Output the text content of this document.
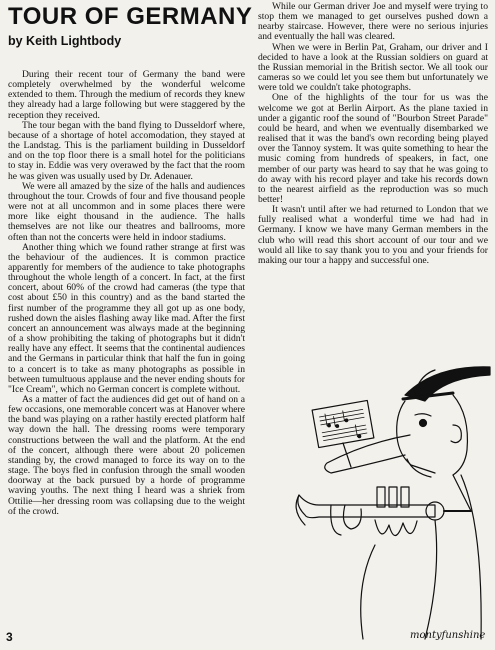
TOUR OF GERMANY
by Keith Lightbody

During their recent tour of Germany the band were completely overwhelmed by the wonderful welcome extended to them. Through the medium of records they knew they already had a large following but were staggered by the reception they received.

The tour began with the band flying to Dusseldorf where, because of a shortage of hotel accomodation, they stayed at the Landstag. This is the parliament building in Dusseldorf and on the top floor there is a small hotel for the politicians to stay in. Eddie was very overawed by the fact that the room he was given was usually used by Dr. Adenauer.

We were all amazed by the size of the halls and audiences throughout the tour. Crowds of four and five thousand people were not at all uncommon and in some places there were more like eight thousand in the audience. The halls themselves are not like our theatres and ballrooms, more often than not the concerts were held in indoor stadiums.

Another thing which we found rather strange at first was the behaviour of the audiences. It is common practice apparently for members of the audience to take photographs throughout the whole length of a concert. In fact, at the first concert, about 60% of the crowd had cameras (the type that cost about £50 in this country) and as the band started the first number of the programme they all got up as one body, rushed down the aisles flashing away like mad. After the first concert an announcement was always made at the beginning of a show prohibiting the taking of photographs but it didn't really have any effect. It seems that the continental audiences and the Germans in particular think that half the fun in going to a concert is to take as many photographs as possible in between tumultuous applause and the never ending shouts for "Ice Cream", which no German concert is complete without.

As a matter of fact the audiences did get out of hand on a few occasions, one memorable concert was at Hanover where the band was playing on a rather hastily erected platform half way down the hall. The dressing rooms were temporary constructions between the wall and the platform. At the end of the concert, although there were about 20 policemen standing by, the crowd managed to force its way on to the stage. The boys fled in confusion through the small wooden doorway at the back pursued by a horde of programme waving youths. The next thing I heard was a shriek from Ottilie—her dressing room was collapsing due to the weight of the crowd.

While our German driver Joe and myself were trying to stop them we managed to get ourselves pushed down a nearby staircase. However, there were no serious injuries and eventually the hall was cleared.

When we were in Berlin Pat, Graham, our driver and I decided to have a look at the Russian soldiers on guard at the Russian memorial in the British sector. We all took our cameras so we could let you see them but unfortunately we were told we couldn't take photographs.

One of the highlights of the tour for us was the welcome we got at Berlin Airport. As the plane taxied in under a gigantic roof the sound of "Bourbon Street Parade" could be heard, and when we eventually disembarked we realised that it was the band's own recording being played over the Tannoy system. It was quite something to hear the music coming from hundreds of speakers, in fact, one member of our party was heard to say that he was going to do away with his record player and take his records down to the nearest airfield as the reproduction was so much better!

It wasn't until after we had returned to London that we fully realised what a wonderful time we had had in Germany. I know we have many German members in the club who will read this short account of our tour and we would all like to say thank you to you and your friends for making our tour a happy and successful one.

montyfunshine
3
